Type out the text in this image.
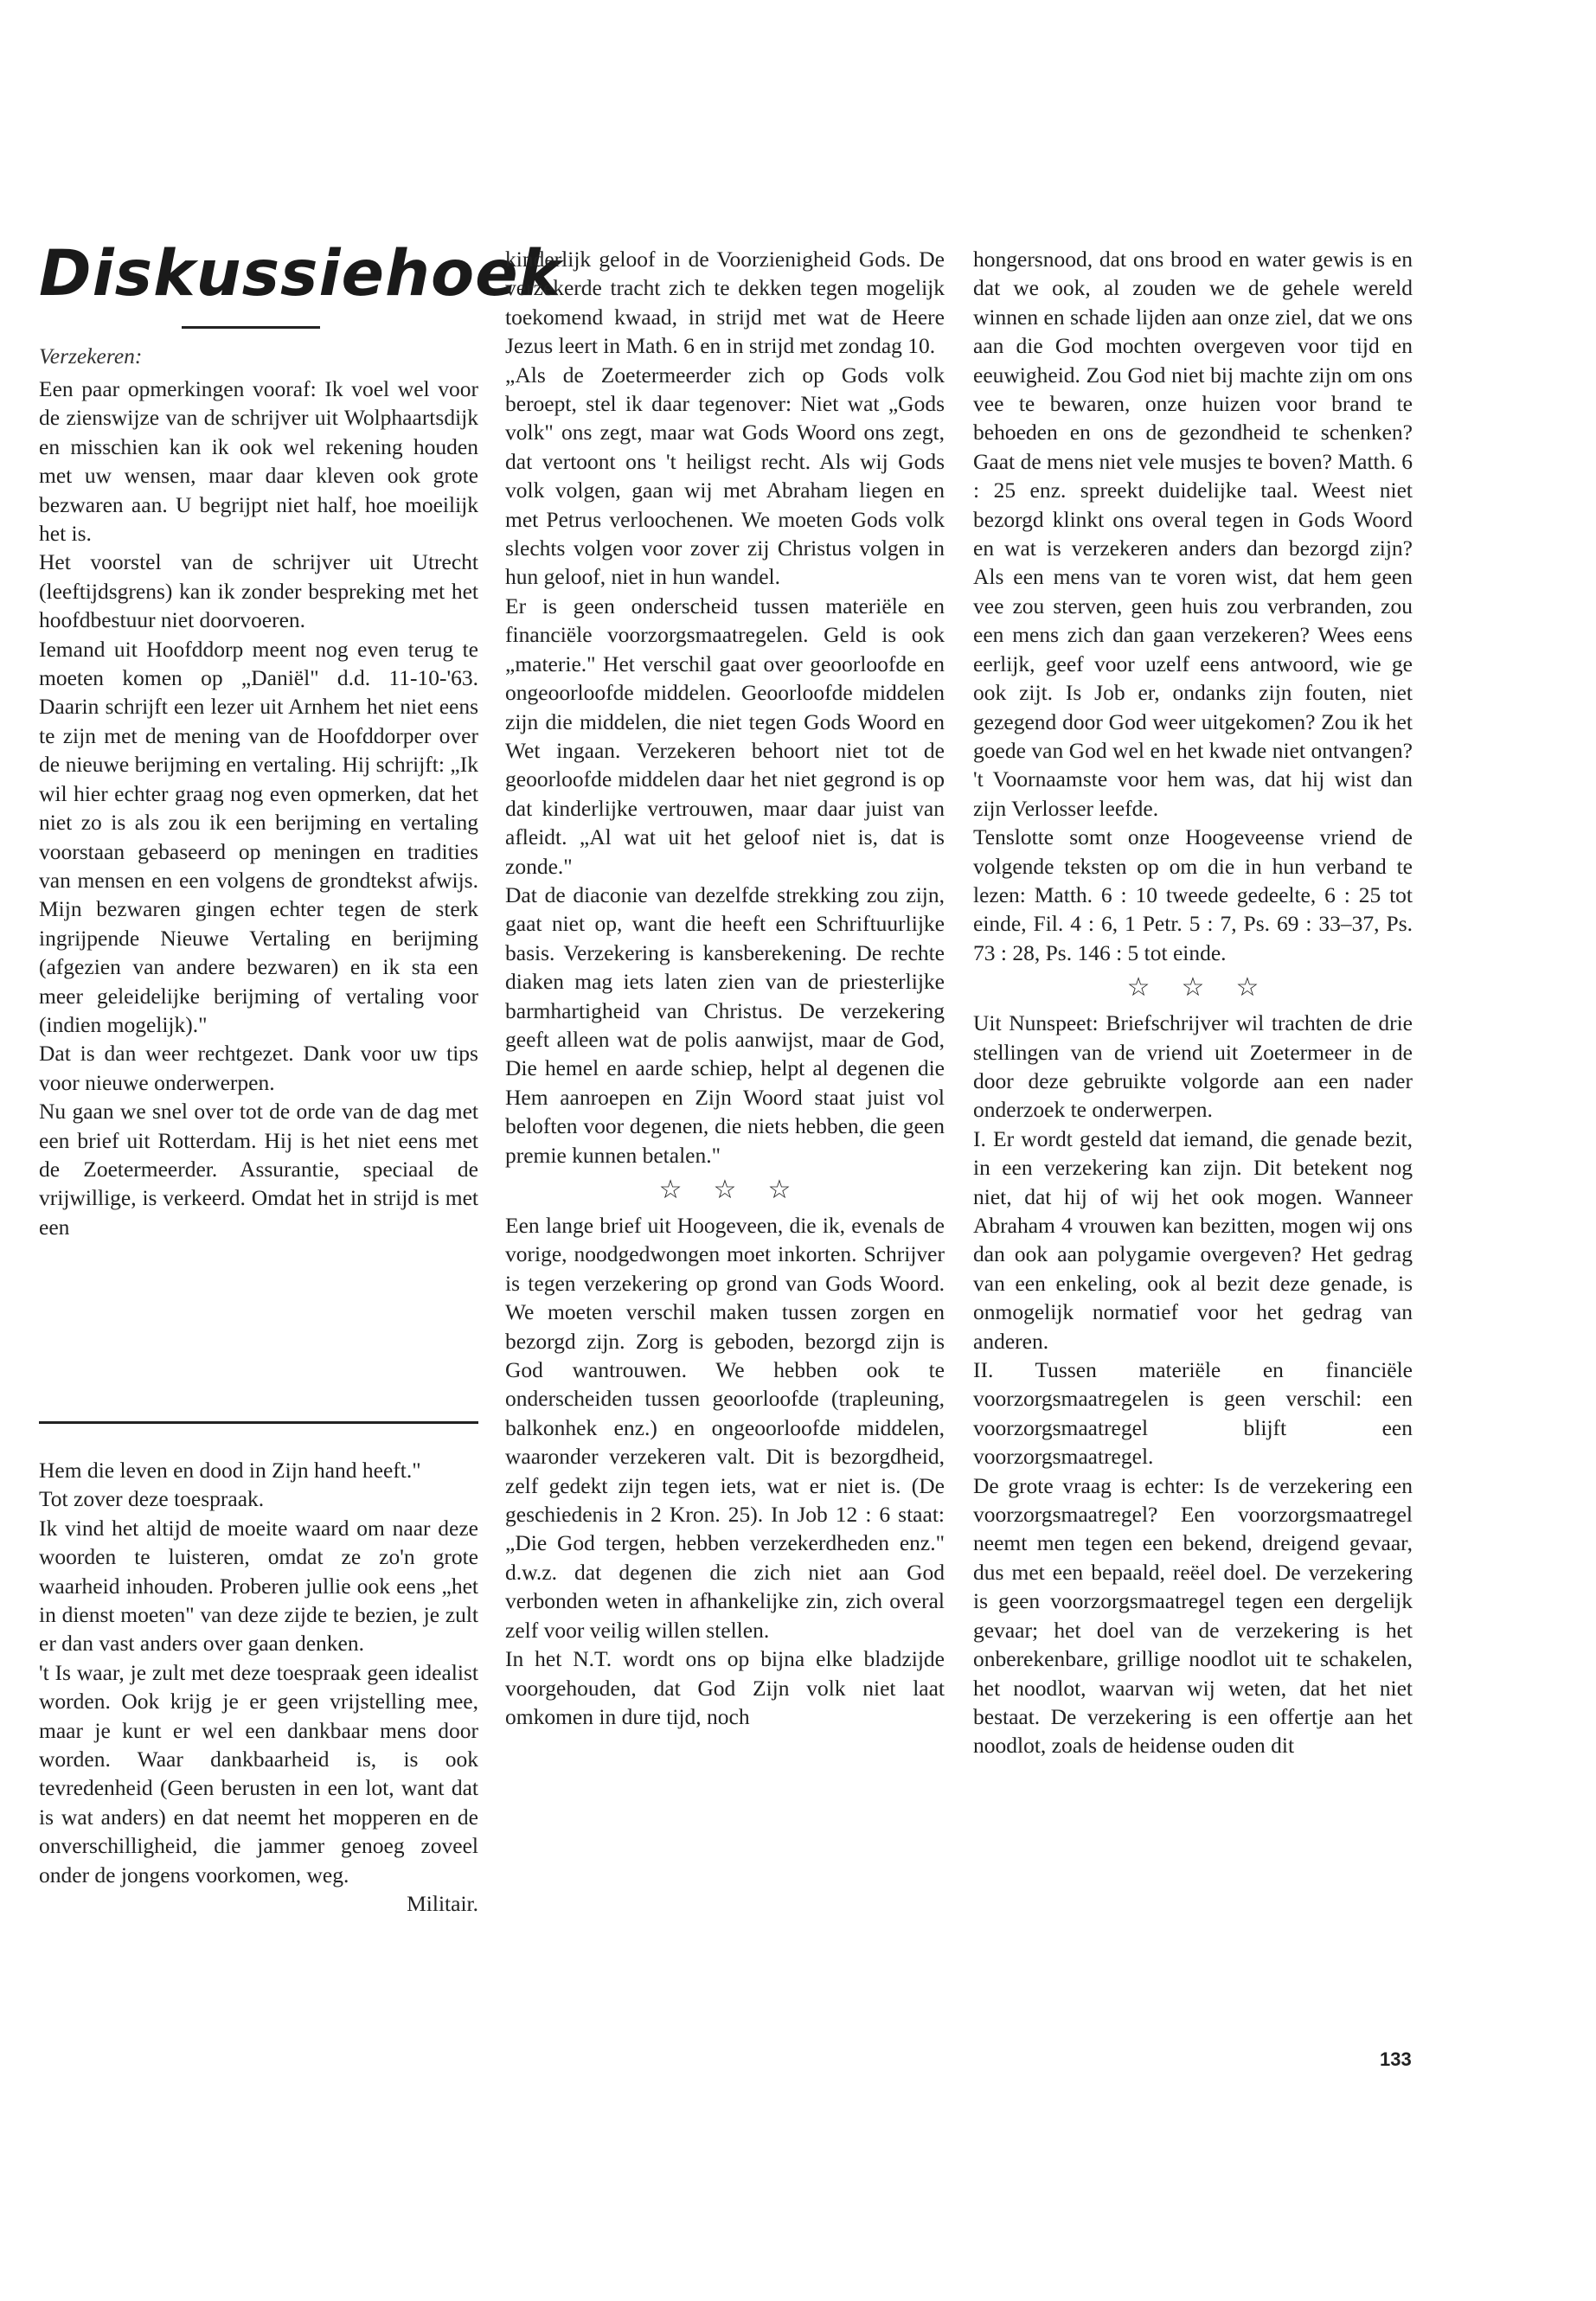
Diskussiehoek
Verzekeren:

Een paar opmerkingen vooraf: Ik voel wel voor de zienswijze van de schrijver uit Wolphaartsdijk en misschien kan ik ook wel rekening houden met uw wensen, maar daar kleven ook grote bezwaren aan. U begrijpt niet half, hoe moeilijk het is.

Het voorstel van de schrijver uit Utrecht (leeftijdsgrens) kan ik zonder bespreking met het hoofdbestuur niet doorvoeren.

Iemand uit Hoofddorp meent nog even terug te moeten komen op „Daniël" d.d. 11-10-'63. Daarin schrijft een lezer uit Arnhem het niet eens te zijn met de mening van de Hoofddorper over de nieuwe berijming en vertaling. Hij schrijft: „Ik wil hier echter graag nog even opmerken, dat het niet zo is als zou ik een berijming en vertaling voorstaan gebaseerd op meningen en tradities van mensen en een volgens de grondtekst afwijs. Mijn bezwaren gingen echter tegen de sterk ingrijpende Nieuwe Vertaling en berijming (afgezien van andere bezwaren) en ik sta een meer geleidelijke berijming of vertaling voor (indien mogelijk)."

Dat is dan weer rechtgezet. Dank voor uw tips voor nieuwe onderwerpen.

Nu gaan we snel over tot de orde van de dag met een brief uit Rotterdam. Hij is het niet eens met de Zoetermeerder. Assurantie, speciaal de vrijwillige, is verkeerd. Omdat het in strijd is met een

Hem die leven en dood in Zijn hand heeft."

Tot zover deze toespraak.

Ik vind het altijd de moeite waard om naar deze woorden te luisteren, omdat ze zo'n grote waarheid inhouden. Proberen jullie ook eens „het in dienst moeten" van deze zijde te bezien, je zult er dan vast anders over gaan denken.

't Is waar, je zult met deze toespraak geen idealist worden. Ook krijg je er geen vrijstelling mee, maar je kunt er wel een dankbaar mens door worden. Waar dankbaarheid is, is ook tevredenheid (Geen berusten in een lot, want dat is wat anders) en dat neemt het mopperen en de onverschilligheid, die jammer genoeg zoveel onder de jongens voorkomen, weg.

Militair.

kinderlijk geloof in de Voorzienigheid Gods. De verzekerde tracht zich te dekken tegen mogelijk toekomend kwaad, in strijd met wat de Heere Jezus leert in Math. 6 en in strijd met zondag 10.

„Als de Zoetermeerder zich op Gods volk beroept, stel ik daar tegenover: Niet wat „Gods volk" ons zegt, maar wat Gods Woord ons zegt, dat vertoont ons 't heiligst recht. Als wij Gods volk volgen, gaan wij met Abraham liegen en met Petrus verloochenen. We moeten Gods volk slechts volgen voor zover zij Christus volgen in hun geloof, niet in hun wandel.

Er is geen onderscheid tussen materiële en financiële voorzorgsmaatregelen. Geld is ook „materie." Het verschil gaat over geoorloofde en ongeoorloofde middelen. Geoorloofde middelen zijn die middelen, die niet tegen Gods Woord en Wet ingaan. Verzekeren behoort niet tot de geoorloofde middelen daar het niet gegrond is op dat kinderlijke vertrouwen, maar daar juist van afleidt. „Al wat uit het geloof niet is, dat is zonde."

Dat de diaconie van dezelfde strekking zou zijn, gaat niet op, want die heeft een Schriftuurlijke basis. Verzekering is kansberekening. De rechte diaken mag iets laten zien van de priesterlijke barmhartigheid van Christus. De verzekering geeft alleen wat de polis aanwijst, maar de God, Die hemel en aarde schiep, helpt al degenen die Hem aanroepen en Zijn Woord staat juist vol beloften voor degenen, die niets hebben, die geen premie kunnen betalen."

☆☆☆

Een lange brief uit Hoogeveen, die ik, evenals de vorige, noodgedwongen moet inkorten. Schrijver is tegen verzekering op grond van Gods Woord. We moeten verschil maken tussen zorgen en bezorgd zijn. Zorg is geboden, bezorgd zijn is God wantrouwen. We hebben ook te onderscheiden tussen geoorloofde (trapleuning, balkonhek enz.) en ongeoorloofde middelen, waaronder verzekeren valt. Dit is bezorgdheid, zelf gedekt zijn tegen iets, wat er niet is. (De geschiedenis in 2 Kron. 25). In Job 12 : 6 staat: „Die God tergen, hebben verzekerdheden enz." d.w.z. dat degenen die zich niet aan God verbonden weten in afhankelijke zin, zich overal zelf voor veilig willen stellen.

In het N.T. wordt ons op bijna elke bladzijde voorgehouden, dat God Zijn volk niet laat omkomen in dure tijd, noch

hongersnood, dat ons brood en water gewis is en dat we ook, al zouden we de gehele wereld winnen en schade lijden aan onze ziel, dat we ons aan die God mochten overgeven voor tijd en eeuwigheid. Zou God niet bij machte zijn om ons vee te bewaren, onze huizen voor brand te behoeden en ons de gezondheid te schenken? Gaat de mens niet vele musjes te boven? Matth. 6 : 25 enz. spreekt duidelijke taal. Weest niet bezorgd klinkt ons overal tegen in Gods Woord en wat is verzekeren anders dan bezorgd zijn? Als een mens van te voren wist, dat hem geen vee zou sterven, geen huis zou verbranden, zou een mens zich dan gaan verzekeren? Wees eens eerlijk, geef voor uzelf eens antwoord, wie ge ook zijt. Is Job er, ondanks zijn fouten, niet gezegend door God weer uitgekomen? Zou ik het goede van God wel en het kwade niet ontvangen? 't Voornaamste voor hem was, dat hij wist dan zijn Verlosser leefde.

Tenslotte somt onze Hoogeveense vriend de volgende teksten op om die in hun verband te lezen: Matth. 6 : 10 tweede gedeelte, 6 : 25 tot einde, Fil. 4 : 6, 1 Petr. 5 : 7, Ps. 69 : 33–37, Ps. 73 : 28, Ps. 146 : 5 tot einde.

☆☆☆

Uit Nunspeet: Briefschrijver wil trachten de drie stellingen van de vriend uit Zoetermeer in de door deze gebruikte volgorde aan een nader onderzoek te onderwerpen.

I. Er wordt gesteld dat iemand, die genade bezit, in een verzekering kan zijn. Dit betekent nog niet, dat hij of wij het ook mogen. Wanneer Abraham 4 vrouwen kan bezitten, mogen wij ons dan ook aan polygamie overgeven? Het gedrag van een enkeling, ook al bezit deze genade, is onmogelijk normatief voor het gedrag van anderen.

II. Tussen materiële en financiële voorzorgsmaatregelen is geen verschil: een voorzorgsmaatregel blijft een voorzorgsmaatregel.

De grote vraag is echter: Is de verzekering een voorzorgsmaatregel? Een voorzorgsmaatregel neemt men tegen een bekend, dreigend gevaar, dus met een bepaald, reëel doel. De verzekering is geen voorzorgsmaatregel tegen een dergelijk gevaar; het doel van de verzekering is het onberekenbare, grillige noodlot uit te schakelen, het noodlot, waarvan wij weten, dat het niet bestaat. De verzekering is een offertje aan het noodlot, zoals de heidense ouden dit

133
